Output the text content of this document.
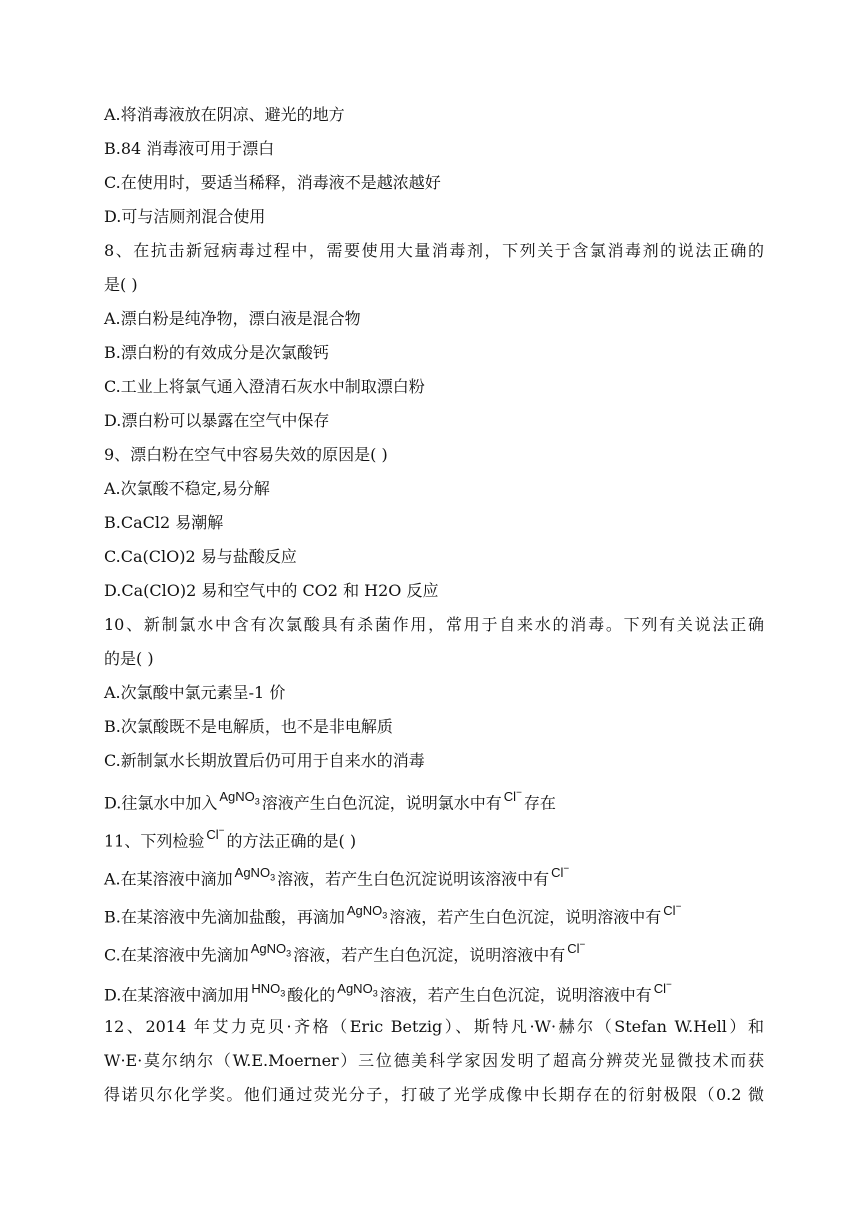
A.将消毒液放在阴凉、避光的地方
B.84 消毒液可用于漂白
C.在使用时，要适当稀释，消毒液不是越浓越好
D.可与洁厕剂混合使用
8、在抗击新冠病毒过程中，需要使用大量消毒剂，下列关于含氯消毒剂的说法正确的
是( )
A.漂白粉是纯净物，漂白液是混合物
B.漂白粉的有效成分是次氯酸钙
C.工业上将氯气通入澄清石灰水中制取漂白粉
D.漂白粉可以暴露在空气中保存
9、漂白粉在空气中容易失效的原因是( )
A.次氯酸不稳定,易分解
B.CaCl2 易潮解
C.Ca(ClO)2 易与盐酸反应
D.Ca(ClO)2 易和空气中的 CO2 和 H2O 反应
10、新制氯水中含有次氯酸具有杀菌作用，常用于自来水的消毒。下列有关说法正确
的是( )
A.次氯酸中氯元素呈-1 价
B.次氯酸既不是电解质，也不是非电解质
C.新制氯水长期放置后仍可用于自来水的消毒
D.往氯水中加入 $^{AgNO_3}$ 溶液产生白色沉淀，说明氯水中有 $^{Cl^-}$ 存在
11、下列检验 $^{Cl^-}$ 的方法正确的是( )
A.在某溶液中滴加 $^{AgNO_3}$ 溶液，若产生白色沉淀说明该溶液中有 $^{Cl^-}$
B.在某溶液中先滴加盐酸，再滴加 $^{AgNO_3}$ 溶液，若产生白色沉淀，说明溶液中有 $^{Cl^-}$
C.在某溶液中先滴加 $^{AgNO_3}$ 溶液，若产生白色沉淀，说明溶液中有 $^{Cl^-}$
D.在某溶液中滴加用 $^{HNO_3}$ 酸化的 $^{AgNO_3}$ 溶液，若产生白色沉淀，说明溶液中有 $^{Cl^-}$
12、2014 年艾力克贝·齐格（Eric Betzig）、斯特凡·W·赫尔（Stefan W.Hell）和
W·E·莫尔纳尔（W.E.Moerner）三位德美科学家因发明了超高分辨荧光显微技术而获
得诺贝尔化学奖。他们通过荧光分子，打破了光学成像中长期存在的衍射极限（0.2 微
